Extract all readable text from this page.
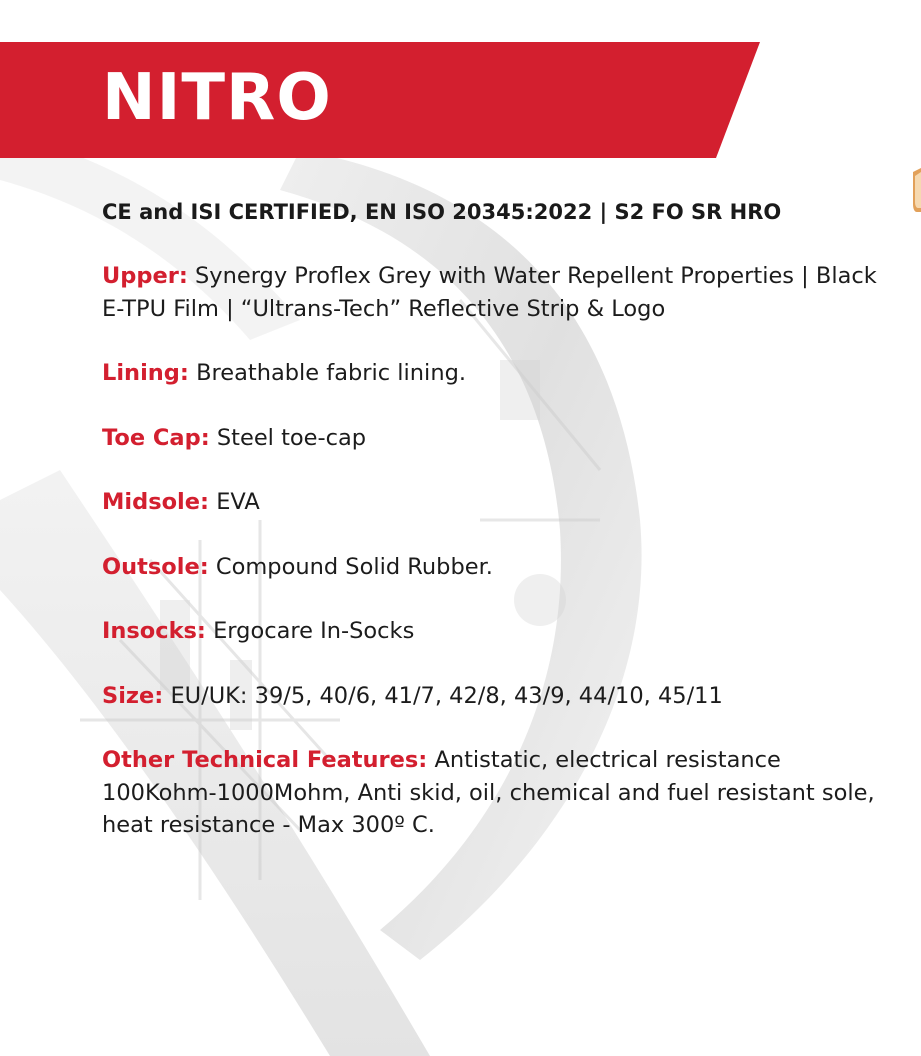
NITRO

CE and ISI CERTIFIED, EN ISO 20345:2022 | S2 FO SR HRO

Upper: Synergy Proflex Grey with Water Repellent Properties | Black E-TPU Film | “Ultrans-Tech” Reflective Strip & Logo

Lining: Breathable fabric lining.

Toe Cap: Steel toe-cap

Midsole: EVA

Outsole: Compound Solid Rubber.

Insocks: Ergocare In-Socks

Size: EU/UK: 39/5, 40/6, 41/7, 42/8, 43/9, 44/10, 45/11

Other Technical Features: Antistatic, electrical resistance 100Kohm-1000Mohm, Anti skid, oil, chemical and fuel resistant sole, heat resistance - Max 300º C.
